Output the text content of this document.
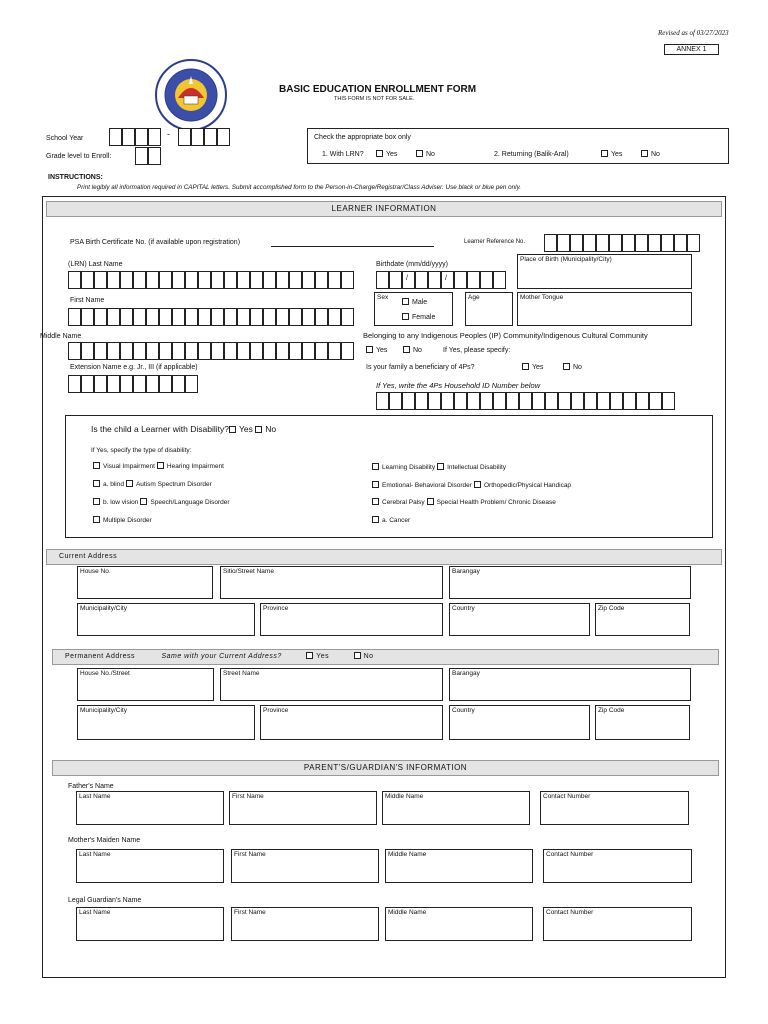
Revised as of 03/27/2023
ANNEX 1
BASIC EDUCATION ENROLLMENT FORM
THIS FORM IS NOT FOR SALE.
School Year	-
Grade level to Enroll:
Check the appropriate box only
1. With LRN?	Yes	No	2. Returning (Balik-Aral)	Yes	No
INSTRUCTIONS:
Print legibly all information required in CAPITAL letters. Submit accomplished form to the Person-in-Charge/Registrar/Class Adviser. Use black or blue pen only.
LEARNER INFORMATION
PSA Birth Certificate No. (if available upon registration)	Learner Reference No.
(LRN) Last Name	Birthdate (mm/dd/yyyy)
/	/
Place of Birth (Municipality/City)
First Name	Sex
Male
Female
Age	Mother Tongue
Middle Name	Belonging to any Indigenous Peoples (IP) Community/Indigenous Cultural Community
Yes	No	If Yes, please specify:
Extension Name e.g. Jr., III (if applicable)	Is your family a beneficiary of 4Ps?	Yes	No
If Yes, write the 4Ps Household ID Number below
Is the child a Learner with Disability? Yes No
If Yes, specify the type of disability:
Visual Impairment Hearing Impairment
a. blind Autism Spectrum Disorder
b. low vision Speech/Language Disorder
Multiple Disorder
Learning Disability Intellectual Disability
Emotional- Behavioral Disorder Orthopedic/Physical Handicap
Cerebral Palsy Special Health Problem/ Chronic Disease
a. Cancer
Current Address
House No.	Sitio/Street Name	Barangay
Municipality/City	Province	Country	Zip Code
Permanent Address	Same with your Current Address?	Yes	No
House No./Street	Street Name	Barangay
Municipality/City	Province	Country	Zip Code
PARENT'S/GUARDIAN'S INFORMATION
Father's Name
Last Name	First Name	Middle Name	Contact Number
Mother's Maiden Name
Last Name	First Name	Middle Name	Contact Number
Legal Guardian's Name
Last Name	First Name	Middle Name	Contact Number
